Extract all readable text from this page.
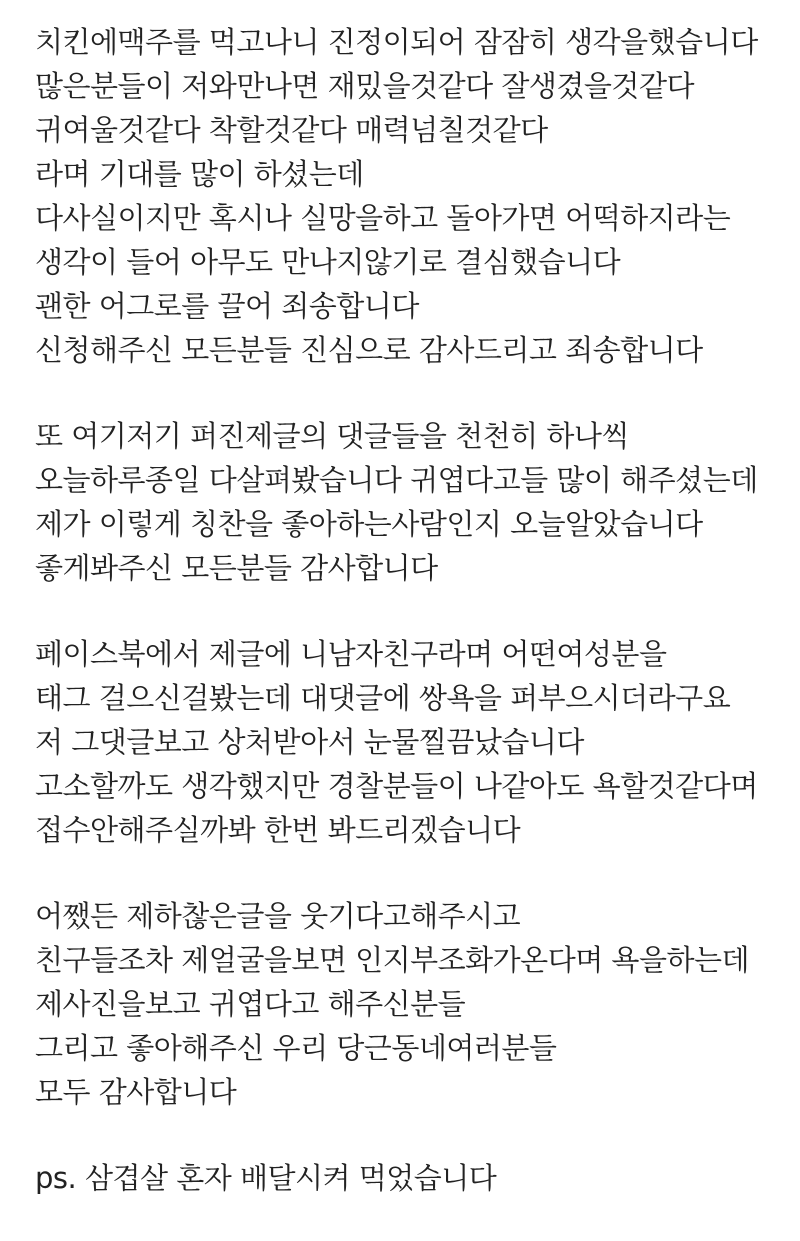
치킨에맥주를 먹고나니 진정이되어 잠잠히 생각을했습니다
많은분들이 저와만나면 재밌을것같다 잘생겼을것같다
귀여울것같다 착할것같다 매력넘칠것같다
라며 기대를 많이 하셨는데
다사실이지만 혹시나 실망을하고 돌아가면 어떡하지라는
생각이 들어 아무도 만나지않기로 결심했습니다
괜한 어그로를 끌어 죄송합니다
신청해주신 모든분들 진심으로 감사드리고 죄송합니다
또 여기저기 퍼진제글의 댓글들을 천천히 하나씩
오늘하루종일 다살펴봤습니다 귀엽다고들 많이 해주셨는데
제가 이렇게 칭찬을 좋아하는사람인지 오늘알았습니다
좋게봐주신 모든분들 감사합니다
페이스북에서 제글에 니남자친구라며 어떤여성분을
태그 걸으신걸봤는데 대댓글에 쌍욕을 퍼부으시더라구요
저 그댓글보고 상처받아서 눈물찔끔났습니다
고소할까도 생각했지만 경찰분들이 나같아도 욕할것같다며
접수안해주실까봐 한번 봐드리겠습니다
어쨌든 제하찮은글을 웃기다고해주시고
친구들조차 제얼굴을보면 인지부조화가온다며 욕을하는데
제사진을보고 귀엽다고 해주신분들
그리고 좋아해주신 우리 당근동네여러분들
모두 감사합니다
ps. 삼겹살 혼자 배달시켜 먹었습니다
